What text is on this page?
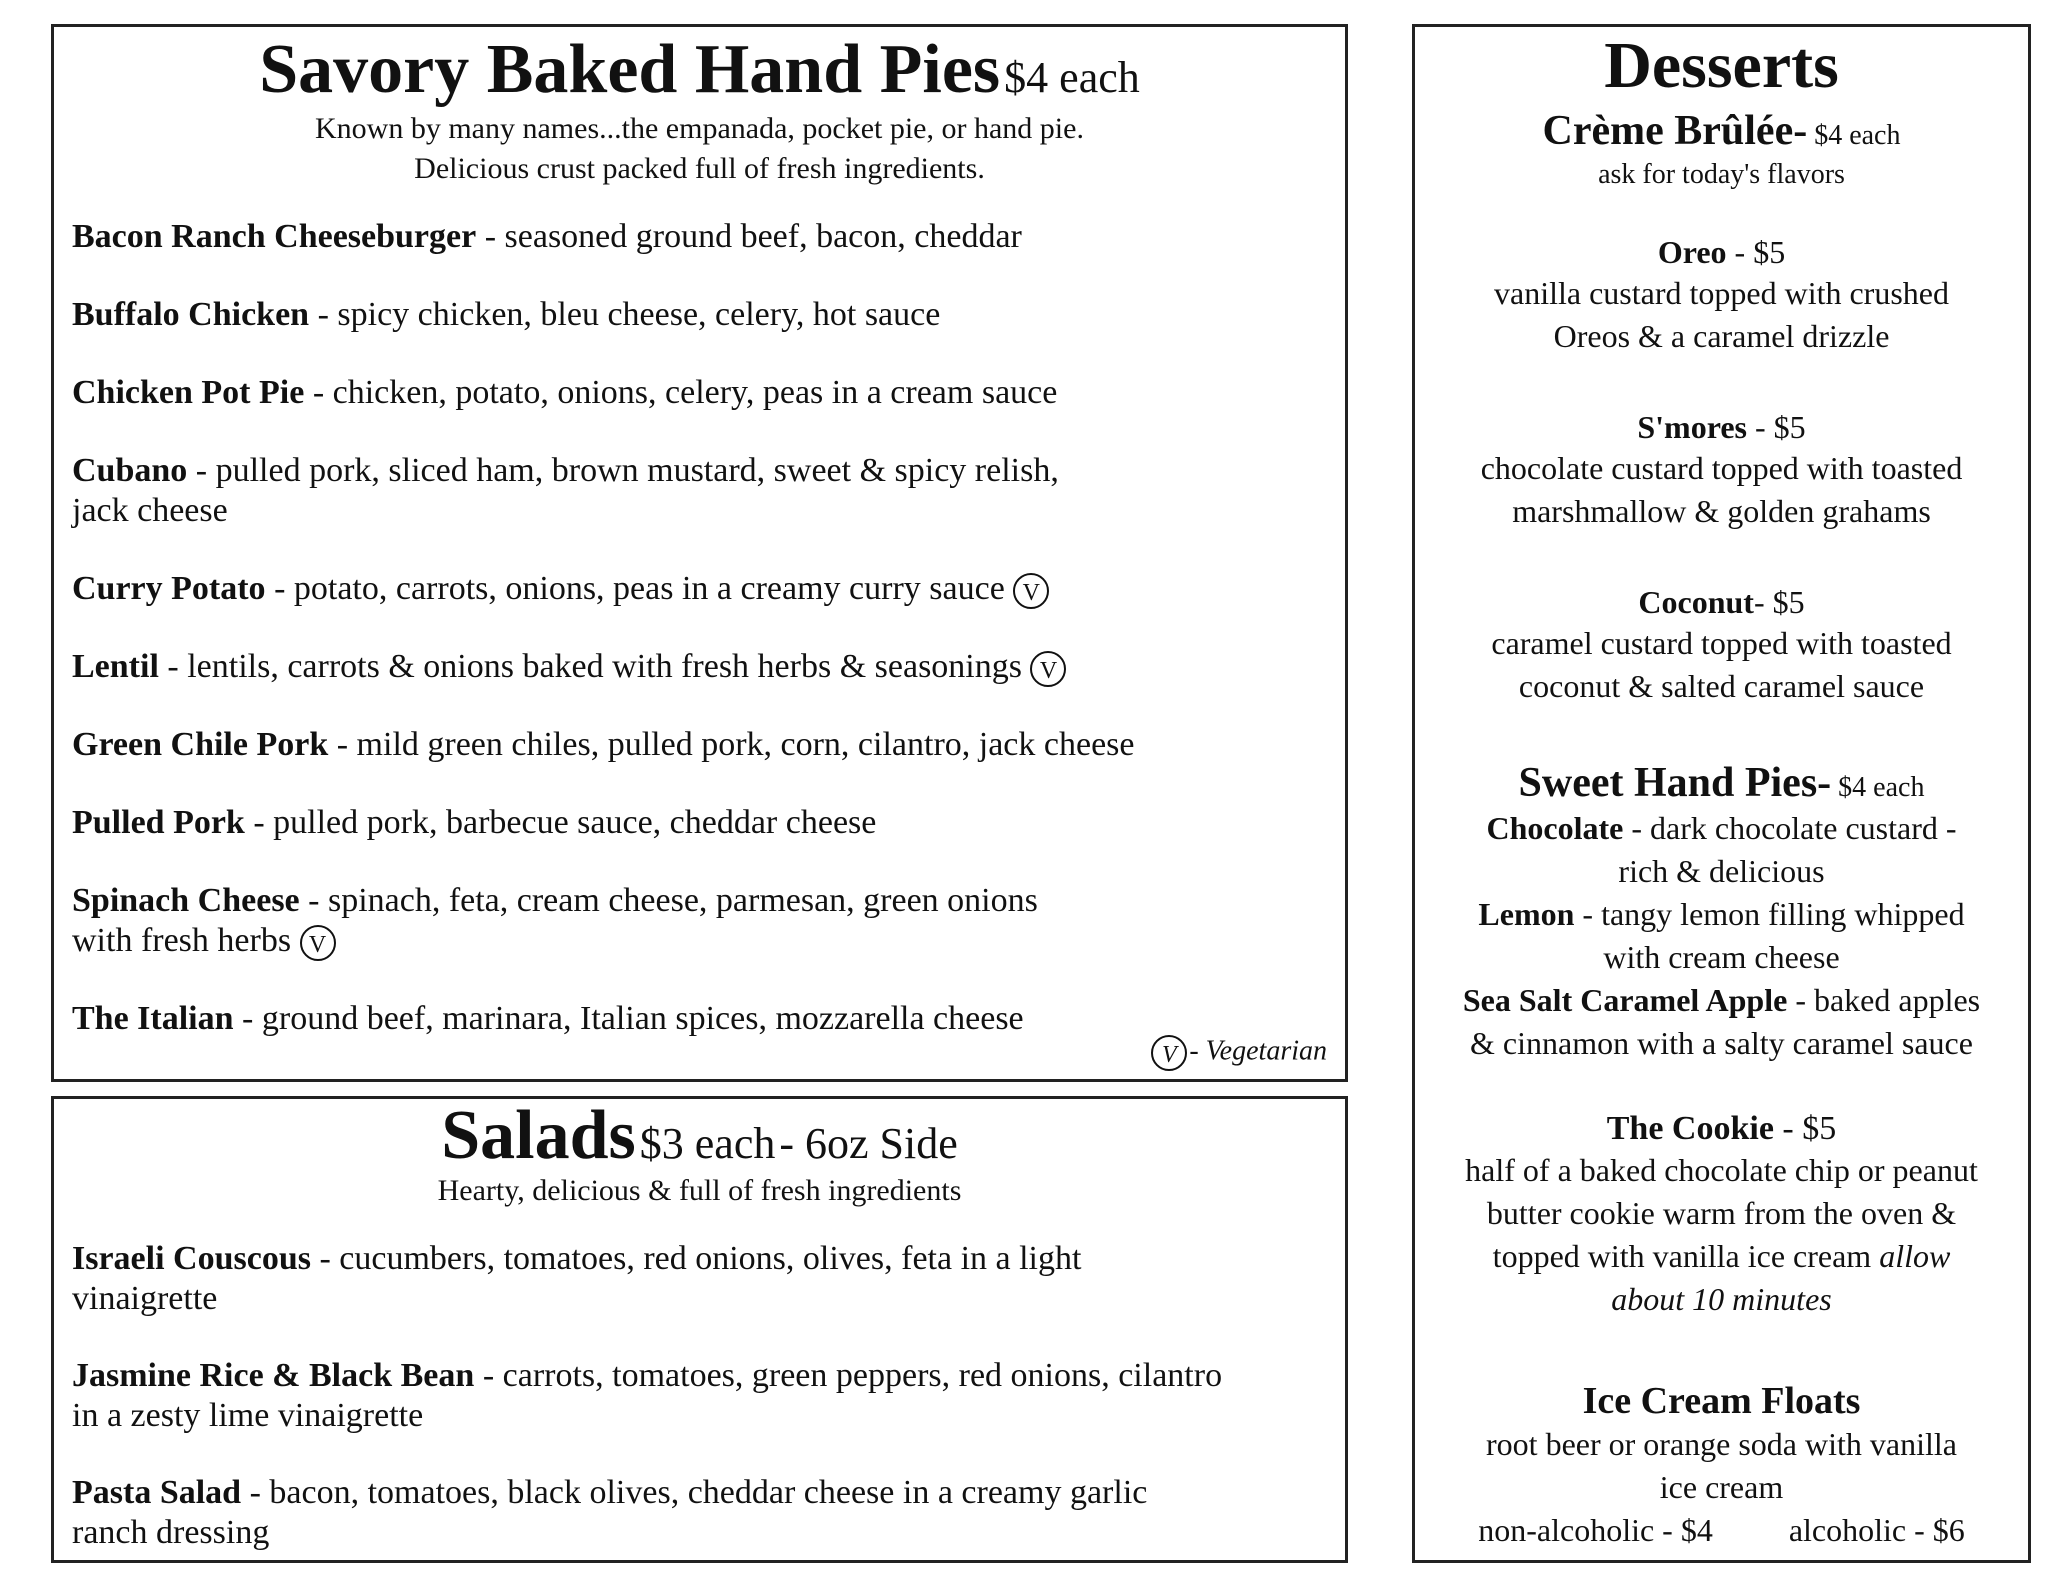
Savory Baked Hand Pies $4 each
Known by many names...the empanada, pocket pie, or hand pie.
Delicious crust packed full of fresh ingredients.
Bacon Ranch Cheeseburger - seasoned ground beef, bacon, cheddar
Buffalo Chicken - spicy chicken, bleu cheese, celery, hot sauce
Chicken Pot Pie - chicken, potato, onions, celery, peas in a cream sauce
Cubano - pulled pork, sliced ham, brown mustard, sweet & spicy relish,
jack cheese
Curry Potato - potato, carrots, onions, peas in a creamy curry sauce V
Lentil - lentils, carrots & onions baked with fresh herbs & seasonings V
Green Chile Pork - mild green chiles, pulled pork, corn, cilantro, jack cheese
Pulled Pork - pulled pork, barbecue sauce, cheddar cheese
Spinach Cheese - spinach, feta, cream cheese, parmesan, green onions
with fresh herbs V
The Italian - ground beef, marinara, Italian spices, mozzarella cheese
V - Vegetarian
Salads $3 each - 6oz Side
Hearty, delicious & full of fresh ingredients
Israeli Couscous - cucumbers, tomatoes, red onions, olives, feta in a light
vinaigrette
Jasmine Rice & Black Bean - carrots, tomatoes, green peppers, red onions, cilantro
in a zesty lime vinaigrette
Pasta Salad - bacon, tomatoes, black olives, cheddar cheese in a creamy garlic
ranch dressing
Desserts
Crème Brûlée- $4 each
ask for today's flavors
Oreo - $5
vanilla custard topped with crushed
Oreos & a caramel drizzle
S'mores - $5
chocolate custard topped with toasted
marshmallow & golden grahams
Coconut- $5
caramel custard topped with toasted
coconut & salted caramel sauce
Sweet Hand Pies- $4 each
Chocolate - dark chocolate custard -
rich & delicious
Lemon - tangy lemon filling whipped
with cream cheese
Sea Salt Caramel Apple - baked apples
& cinnamon with a salty caramel sauce
The Cookie - $5
half of a baked chocolate chip or peanut
butter cookie warm from the oven &
topped with vanilla ice cream allow
about 10 minutes
Ice Cream Floats
root beer or orange soda with vanilla
ice cream
non-alcoholic - $4 alcoholic - $6
